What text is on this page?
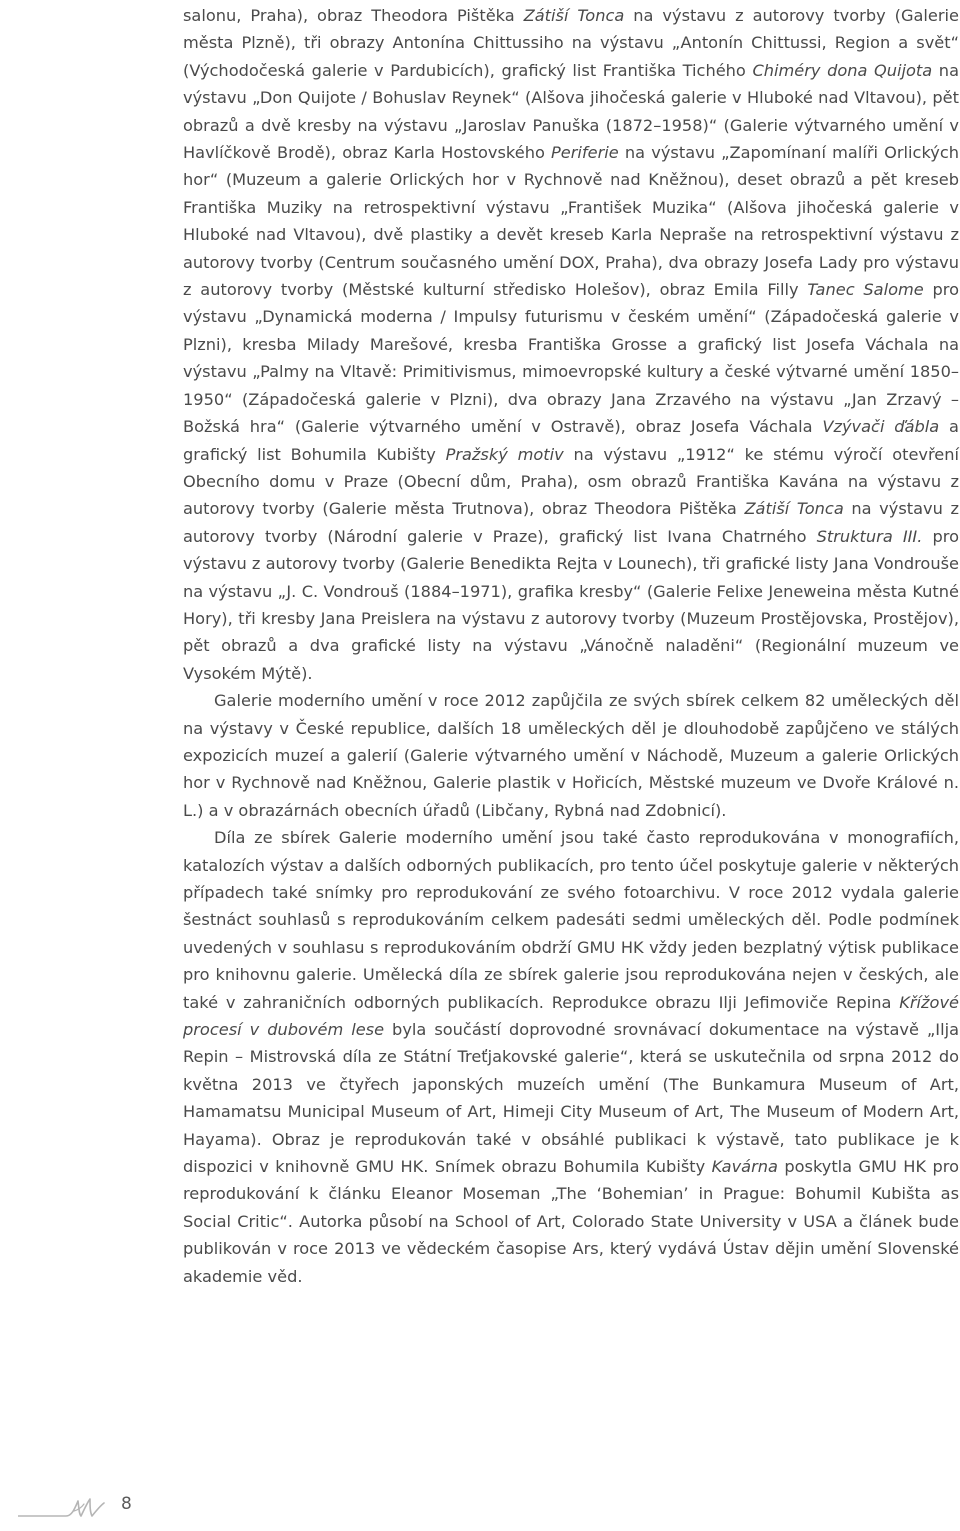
salonu, Praha), obraz Theodora Pištěka Zátiší Tonca na výstavu z autorovy tvorby (Galerie města Plzně), tři obrazy Antonína Chittussiho na výstavu „Antonín Chittussi, Region a svět“ (Východočeská galerie v Pardubicích), grafický list Františka Tichého Chiméry dona Quijota na výstavu „Don Quijote / Bohuslav Reynek“ (Alšova jihočeská galerie v Hluboké nad Vltavou), pět obrazů a dvě kresby na výstavu „Jaroslav Panuška (1872–1958)“ (Galerie výtvarného umění v Havlíčkově Brodě), obraz Karla Hostovského Periferie na výstavu „Zapomínaní malíři Orlických hor“ (Muzeum a galerie Orlických hor v Rychnově nad Kněžnou), deset obrazů a pět kreseb Františka Muziky na retrospektivní výstavu „František Muzika“ (Alšova jihočeská galerie v Hluboké nad Vltavou), dvě plastiky a devět kreseb Karla Nepraše na retrospektivní výstavu z autorovy tvorby (Centrum současného umění DOX, Praha), dva obrazy Josefa Lady pro výstavu z autorovy tvorby (Městské kulturní středisko Holešov), obraz Emila Filly Tanec Salome pro výstavu „Dynamická moderna / Impulsy futurismu v českém umění“ (Západočeská galerie v Plzni), kresba Milady Marešové, kresba Františka Grosse a grafický list Josefa Váchala na výstavu „Palmy na Vltavě: Primitivismus, mimoevropské kultury a české výtvarné umění 1850–1950“ (Západočeská galerie v Plzni), dva obrazy Jana Zrzavého na výstavu „Jan Zrzavý – Božská hra“ (Galerie výtvarného umění v Ostravě), obraz Josefa Váchala Vzývači ďábla a grafický list Bohumila Kubišty Pražský motiv na výstavu „1912“ ke stému výročí otevření Obecního domu v Praze (Obecní dům, Praha), osm obrazů Františka Kavána na výstavu z autorovy tvorby (Galerie města Trutnova), obraz Theodora Pištěka Zátiší Tonca na výstavu z autorovy tvorby (Národní galerie v Praze), grafický list Ivana Chatrného Struktura III. pro výstavu z autorovy tvorby (Galerie Benedikta Rejta v Lounech), tři grafické listy Jana Vondrouše na výstavu „J. C. Vondrouš (1884–1971), grafika kresby“ (Galerie Felixe Jeneweina města Kutné Hory), tři kresby Jana Preislera na výstavu z autorovy tvorby (Muzeum Prostějovska, Prostějov), pět obrazů a dva grafické listy na výstavu „Vánočně naladěni“ (Regionální muzeum ve Vysokém Mýtě).

Galerie moderního umění v roce 2012 zapůjčila ze svých sbírek celkem 82 uměleckých děl na výstavy v České republice, dalších 18 uměleckých děl je dlouhodobě zapůjčeno ve stálých expozicích muzeí a galerií (Galerie výtvarného umění v Náchodě, Muzeum a galerie Orlických hor v Rychnově nad Kněžnou, Galerie plastik v Hořicích, Městské muzeum ve Dvoře Králové n. L.) a v obrazárnách obecních úřadů (Libčany, Rybná nad Zdobnicí).

Díla ze sbírek Galerie moderního umění jsou také často reprodukována v monografiích, katalozích výstav a dalších odborných publikacích, pro tento účel poskytuje galerie v některých případech také snímky pro reprodukování ze svého fotoarchivu. V roce 2012 vydala galerie šestnáct souhlasů s reprodukováním celkem padesáti sedmi uměleckých děl. Podle podmínek uvedených v souhlasu s reprodukováním obdrží GMU HK vždy jeden bezplatný výtisk publikace pro knihovnu galerie. Umělecká díla ze sbírek galerie jsou reprodukována nejen v českých, ale také v zahraničních odborných publikacích. Reprodukce obrazu Ilji Jefimoviče Repina Křížové procesí v dubovém lese byla součástí doprovodné srovnávací dokumentace na výstavě „Ilja Repin – Mistrovská díla ze Státní Treťjakovské galerie“, která se uskutečnila od srpna 2012 do května 2013 ve čtyřech japonských muzeích umění (The Bunkamura Museum of Art, Hamamatsu Municipal Museum of Art, Himeji City Museum of Art, The Museum of Modern Art, Hayama). Obraz je reprodukován také v obsáhlé publikaci k výstavě, tato publikace je k dispozici v knihovně GMU HK. Snímek obrazu Bohumila Kubišty Kavárna poskytla GMU HK pro reprodukování k článku Eleanor Moseman „The ‘Bohemian’ in Prague: Bohumil Kubišta as Social Critic“. Autorka působí na School of Art, Colorado State University v USA a článek bude publikován v roce 2013 ve vědeckém časopise Ars, který vydává Ústav dějin umění Slovenské akademie věd.

8
